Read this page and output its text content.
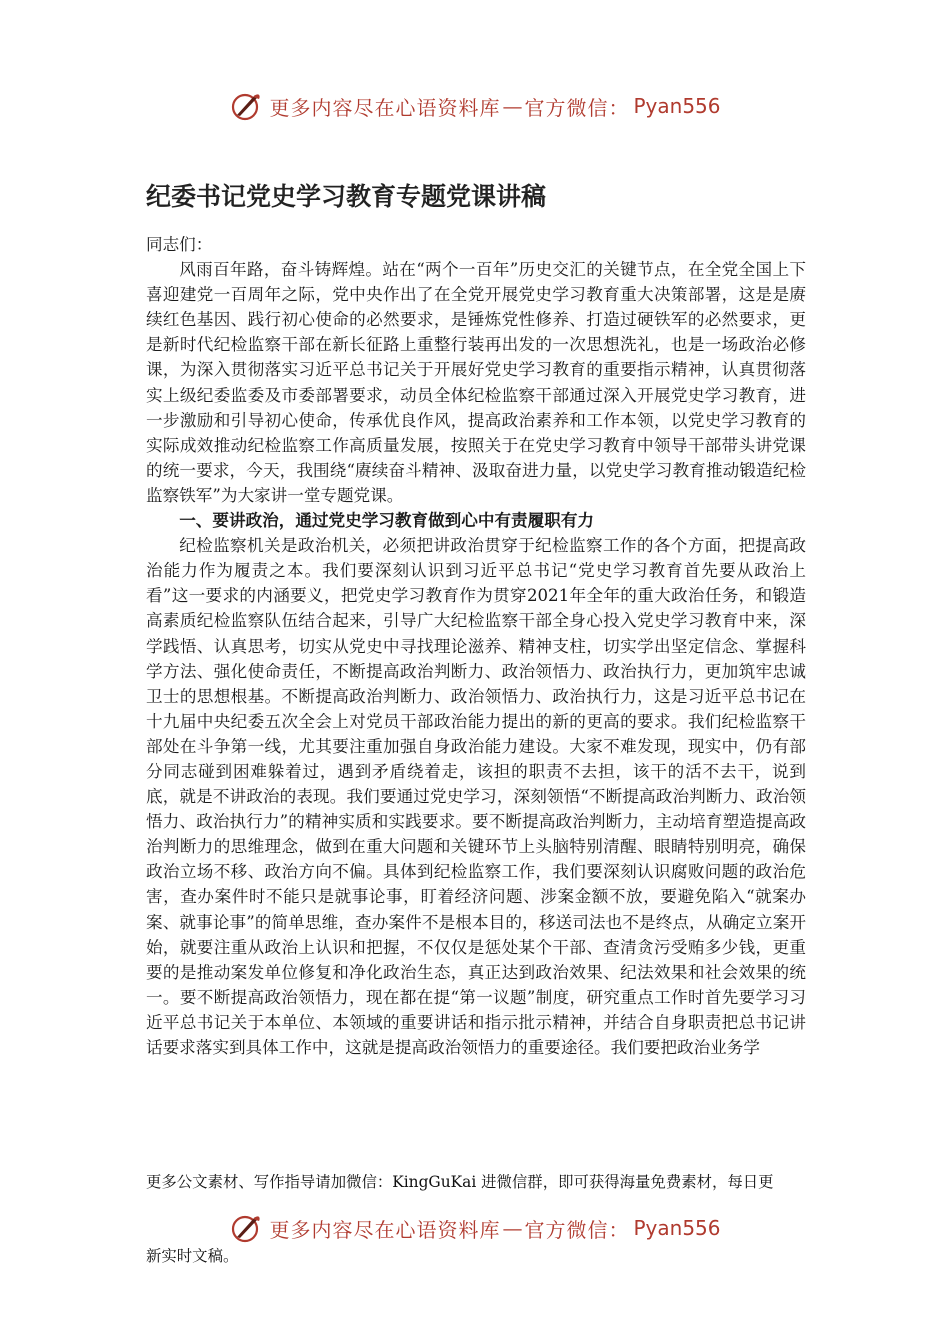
更多内容尽在心语资料库 — 官方微信： Pyan556
纪委书记党史学习教育专题党课讲稿

同志们：

风雨百年路，奋斗铸辉煌。站在“两个一百年”历史交汇的关键节点，在全党全国上下喜迎建党一百周年之际，党中央作出了在全党开展党史学习教育重大决策部署，这是是赓续红色基因、践行初心使命的必然要求，是锤炼党性修养、打造过硬铁军的必然要求，更是新时代纪检监察干部在新长征路上重整行装再出发的一次思想洗礼，也是一场政治必修课，为深入贯彻落实习近平总书记关于开展好党史学习教育的重要指示精神，认真贯彻落实上级纪委监委及市委部署要求，动员全体纪检监察干部通过深入开展党史学习教育，进一步激励和引导初心使命，传承优良作风，提高政治素养和工作本领，以党史学习教育的实际成效推动纪检监察工作高质量发展，按照关于在党史学习教育中领导干部带头讲党课的统一要求，今天，我围绕“赓续奋斗精神、汲取奋进力量，以党史学习教育推动锻造纪检监察铁军”为大家讲一堂专题党课。

一、要讲政治，通过党史学习教育做到心中有责履职有力

纪检监察机关是政治机关，必须把讲政治贯穿于纪检监察工作的各个方面，把提高政治能力作为履责之本。我们要深刻认识到习近平总书记“党史学习教育首先要从政治上看”这一要求的内涵要义，把党史学习教育作为贯穿2021年全年的重大政治任务，和锻造高素质纪检监察队伍结合起来，引导广大纪检监察干部全身心投入党史学习教育中来，深学践悟、认真思考，切实从党史中寻找理论滋养、精神支柱，切实学出坚定信念、掌握科学方法、强化使命责任，不断提高政治判断力、政治领悟力、政治执行力，更加筑牢忠诚卫士的思想根基。不断提高政治判断力、政治领悟力、政治执行力，这是习近平总书记在十九届中央纪委五次全会上对党员干部政治能力提出的新的更高的要求。我们纪检监察干部处在斗争第一线，尤其要注重加强自身政治能力建设。大家不难发现，现实中，仍有部分同志碰到困难躲着过，遇到矛盾绕着走，该担的职责不去担，该干的活不去干，说到底，就是不讲政治的表现。我们要通过党史学习，深刻领悟“不断提高政治判断力、政治领悟力、政治执行力”的精神实质和实践要求。要不断提高政治判断力，主动培育塑造提高政治判断力的思维理念，做到在重大问题和关键环节上头脑特别清醒、眼睛特别明亮，确保政治立场不移、政治方向不偏。具体到纪检监察工作，我们要深刻认识腐败问题的政治危害，查办案件时不能只是就事论事，盯着经济问题、涉案金额不放，要避免陷入“就案办案、就事论事”的简单思维，查办案件不是根本目的，移送司法也不是终点，从确定立案开始，就要注重从政治上认识和把握，不仅仅是惩处某个干部、查清贪污受贿多少钱，更重要的是推动案发单位修复和净化政治生态，真正达到政治效果、纪法效果和社会效果的统一。要不断提高政治领悟力，现在都在提“第一议题”制度，研究重点工作时首先要学习习近平总书记关于本单位、本领域的重要讲话和指示批示精神，并结合自身职责把总书记讲话要求落实到具体工作中，这就是提高政治领悟力的重要途径。我们要把政治业务学

更多公文素材、写作指导请加微信：KingGuKai 进微信群，即可获得海量免费素材，每日更
更多内容尽在心语资料库 — 官方微信： Pyan556
新实时文稿。
